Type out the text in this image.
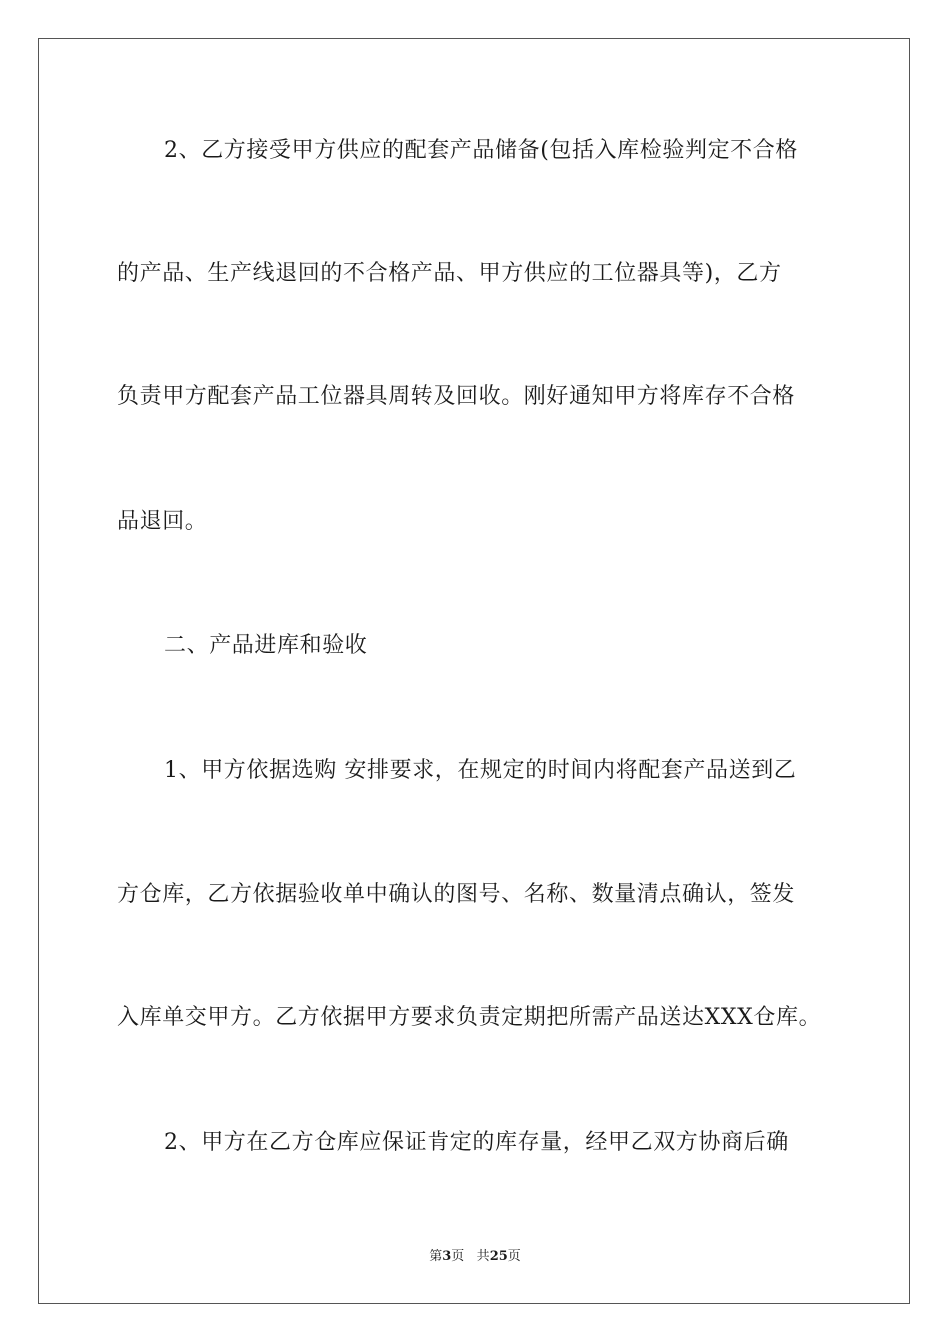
2、乙方接受甲方供应的配套产品储备(包括入库检验判定不合格
的产品、生产线退回的不合格产品、甲方供应的工位器具等)，乙方
负责甲方配套产品工位器具周转及回收。刚好通知甲方将库存不合格
品退回。
二、产品进库和验收
1、甲方依据选购 安排要求，在规定的时间内将配套产品送到乙
方仓库，乙方依据验收单中确认的图号、名称、数量清点确认，签发
入库单交甲方。乙方依据甲方要求负责定期把所需产品送达XXX仓库。
2、甲方在乙方仓库应保证肯定的库存量，经甲乙双方协商后确
第3页 共25页
